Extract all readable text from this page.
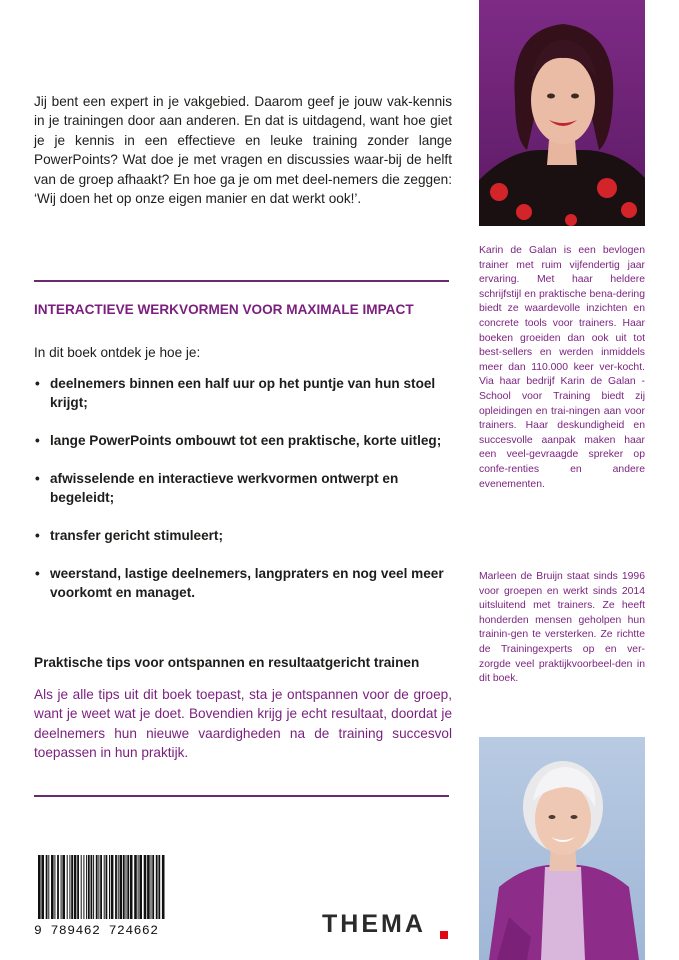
Jij bent een expert in je vakgebied. Daarom geef je jouw vak-kennis in je trainingen door aan anderen. En dat is uitdagend, want hoe giet je je kennis in een effectieve en leuke training zonder lange PowerPoints? Wat doe je met vragen en discussies waar-bij de helft van de groep afhaakt? En hoe ga je om met deel-nemers die zeggen: ‘Wij doen het op onze eigen manier en dat werkt ook!’.

INTERACTIEVE WERKVORMEN VOOR MAXIMALE IMPACT

In dit boek ontdek je hoe je:

• deelnemers binnen een half uur op het puntje van hun stoel krijgt;
• lange PowerPoints ombouwt tot een praktische, korte uitleg;
• afwisselende en interactieve werkvormen ontwerpt en begeleidt;
• transfer gericht stimuleert;
• weerstand, lastige deelnemers, langpraters en nog veel meer voorkomt en managet.
Praktische tips voor ontspannen en resultaatgericht trainen

Als je alle tips uit dit boek toepast, sta je ontspannen voor de groep, want je weet wat je doet. Bovendien krijg je echt resultaat, doordat je deelnemers hun nieuwe vaardigheden na de training succesvol toepassen in hun praktijk.

9 789462 724662	THEMA

Karin de Galan is een bevlogen trainer met ruim vijfendertig jaar ervaring. Met haar heldere schrijfstijl en praktische bena-dering biedt ze waardevolle inzichten en concrete tools voor trainers. Haar boeken groeiden dan ook uit tot best-sellers en werden inmiddels meer dan 110.000 keer ver-kocht. Via haar bedrijf Karin de Galan - School voor Training biedt zij opleidingen en trai-ningen aan voor trainers. Haar deskundigheid en succesvolle aanpak maken haar een veel-gevraagde spreker op confe-renties en andere evenementen.

Marleen de Bruijn staat sinds 1996 voor groepen en werkt sinds 2014 uitsluitend met trainers. Ze heeft honderden mensen geholpen hun trainin-gen te versterken. Ze richtte de Trainingexperts op en ver-zorgde veel praktijkvoorbeel-den in dit boek.
